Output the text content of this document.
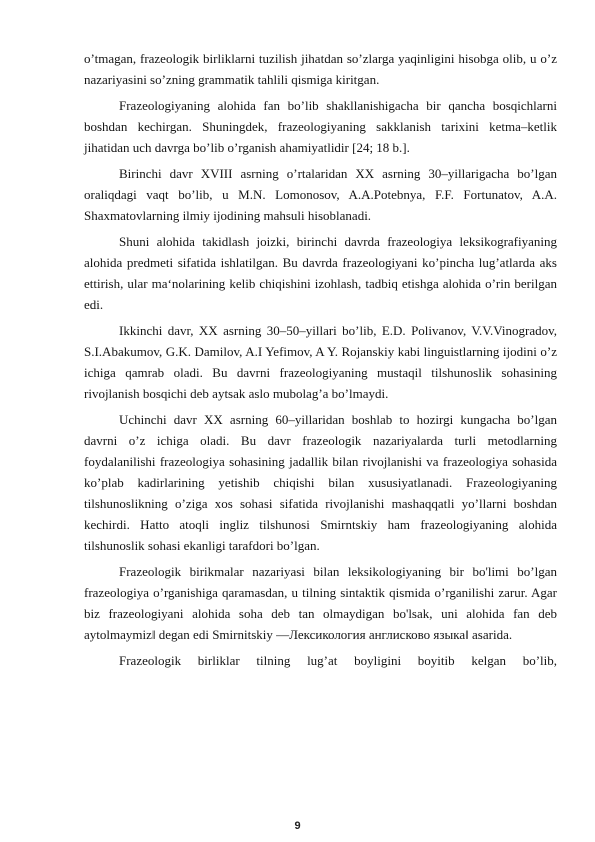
o’tmagan, frazeologik birliklarni tuzilish jihatdan so’zlarga yaqinligini hisobga olib, u o’z nazariyasini so’zning grammatik tahlili qismiga kiritgan.

Frazeologiyaning alohida fan bo’lib shakllanishigacha bir qancha bosqichlarni boshdan kechirgan. Shuningdek, frazeologiyaning sakklanish tarixini ketma–ketlik jihatidan uch davrga bo’lib o’rganish ahamiyatlidir [24; 18 b.].

Birinchi davr XVIII asrning o’rtalaridan XX asrning 30–yillarigacha bo’lgan oraliqdagi vaqt bo’lib, u M.N. Lomonosov, A.A.Potebnya, F.F. Fortunatov, A.A. Shaxmatovlarning ilmiy ijodining mahsuli hisoblanadi.

Shuni alohida takidlash joizki, birinchi davrda frazeologiya leksikografiyaning alohida predmeti sifatida ishlatilgan. Bu davrda frazeologiyani ko’pincha lug’atlarda aks ettirish, ular ma‘nolarining kelib chiqishini izohlash, tadbiq etishga alohida o’rin berilgan edi.

Ikkinchi davr, XX asrning 30–50–yillari bo’lib, E.D. Polivanov, V.V.Vinogradov, S.I.Abakumov, G.K. Damilov, A.I Yefimov, A Y. Rojanskiy kabi linguistlarning ijodini o’z ichiga qamrab oladi. Bu davrni frazeologiyaning mustaqil tilshunoslik sohasining rivojlanish bosqichi deb aytsak aslo mubolag’a bo’lmaydi.

Uchinchi davr XX asrning 60–yillaridan boshlab to hozirgi kungacha bo’lgan davrni o’z ichiga oladi. Bu davr frazeologik nazariyalarda turli metodlarning foydalanilishi frazeologiya sohasining jadallik bilan rivojlanishi va frazeologiya sohasida ko’plab kadirlarining yetishib chiqishi bilan xususiyatlanadi. Frazeologiyaning tilshunoslikning o’ziga xos sohasi sifatida rivojlanishi mashaqqatli yo’llarni boshdan kechirdi. Hatto atoqli ingliz tilshunosi Smirntskiy ham frazeologiyaning alohida tilshunoslik sohasi ekanligi tarafdori bo’lgan.

Frazeologik birikmalar nazariyasi bilan leksikologiyaning bir bo'limi bo’lgan frazeologiya o’rganishiga qaramasdan, u tilning sintaktik qismida o’rganilishi zarur. Agar biz frazeologiyani alohida soha deb tan olmaydigan bo'lsak, uni alohida fan deb aytolmaymiz‖ degan edi Smirnitskiy ―Лексикология англисково языка‖ asarida.

Frazeologik birliklar tilning lug’at boyligini boyitib kelgan bo’lib,

9
